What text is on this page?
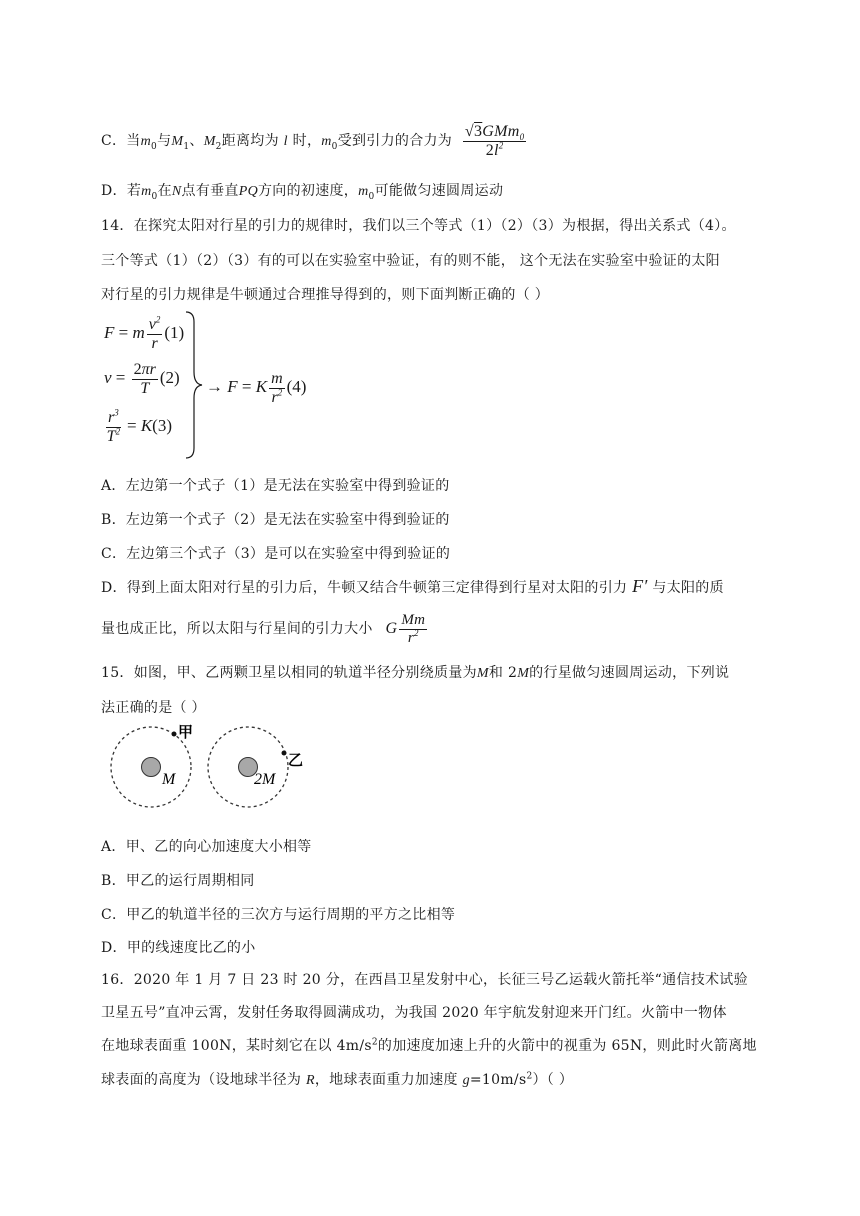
C．当$m_0$与$M_1$、$M_2$距离均为 l 时，$m_0$受到引力的合力为 $\frac{√3GMm_0}{2l^2}$
D．若$m_0$在N点有垂直PQ方向的初速度，$m_0$可能做匀速圆周运动
14．在探究太阳对行星的引力的规律时，我们以三个等式（1）（2）（3）为根据，得出关系式（4）。
三个等式（1）（2）（3）有的可以在实验室中验证，有的则不能， 这个无法在实验室中验证的太阳
对行星的引力规律是牛顿通过合理推导得到的，则下面判断正确的（ ）
F = m $\frac{v^2}{r} (1)$
$v = \frac{2\pi r}{T} (2)$
$\frac{r^3}{T^2} = K(3)$
→ F = K $\frac{m}{r^2} (4)$
A．左边第一个式子（1）是无法在实验室中得到验证的
B．左边第一个式子（2）是无法在实验室中得到验证的
C．左边第三个式子（3）是可以在实验室中得到验证的
D．得到上面太阳对行星的引力后，牛顿又结合牛顿第三定律得到行星对太阳的引力 F′ 与太阳的质
量也成正比，所以太阳与行星间的引力大小 G $\frac{Mm}{r^2}$
15．如图，甲、乙两颗卫星以相同的轨道半径分别绕质量为M和 2M的行星做匀速圆周运动，下列说
法正确的是（ ）
M
甲
2M
乙
A．甲、乙的向心加速度大小相等
B．甲乙的运行周期相同
C．甲乙的轨道半径的三次方与运行周期的平方之比相等
D．甲的线速度比乙的小
16．2020 年 1 月 7 日 23 时 20 分，在西昌卫星发射中心，长征三号乙运载火箭托举“通信技术试验
卫星五号”直冲云霄，发射任务取得圆满成功，为我国 2020 年宇航发射迎来开门红。火箭中一物体
在地球表面重 100N，某时刻它在以 $4m/s^2$的加速度加速上升的火箭中的视重为 65N，则此时火箭离地
球表面的高度为（设地球半径为 R，地球表面重力加速度 $g=10m/s^2$）（ ）
